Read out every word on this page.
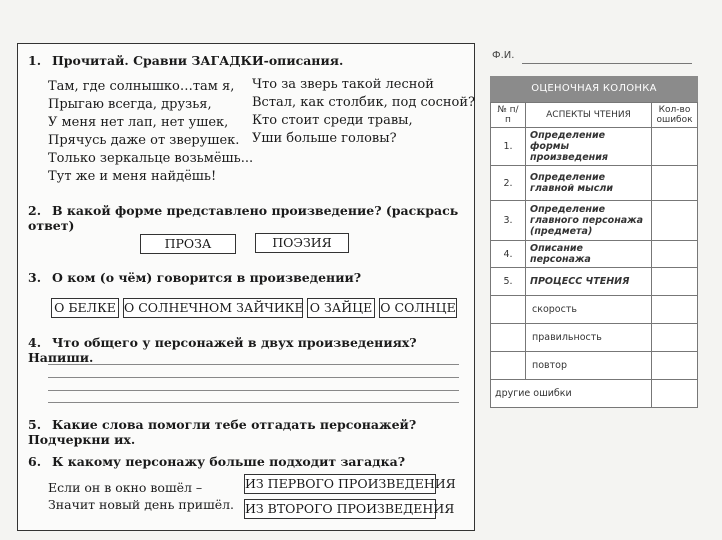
1. Прочитай. Сравни ЗАГАДКИ-описания.
Там, где солнышко…там я,
Прыгаю всегда, друзья,
У меня нет лап, нет ушек,
Прячусь даже от зверушек.
Только зеркальце возьмёшь...
Тут же и меня найдёшь!
Что за зверь такой лесной
Встал, как столбик, под сосной?
Кто стоит среди травы,
Уши больше головы?
2. В какой форме представлено произведение? (раскрась ответ)
ПРОЗА	ПОЭЗИЯ
3. О ком (о чём) говорится в произведении?
О БЕЛКЕ О СОЛНЕЧНОМ ЗАЙЧИКЕ О ЗАЙЦЕ О СОЛНЦЕ
4. Что общего у персонажей в двух произведениях? Напиши.
5. Какие слова помогли тебе отгадать персонажей? Подчеркни их.
6. К какому персонажу больше подходит загадка?
Если он в окно вошёл –
Значит новый день пришёл.
ИЗ ПЕРВОГО ПРОИЗВЕДЕНИЯ
ИЗ ВТОРОГО ПРОИЗВЕДЕНИЯ
Ф.И.
ОЦЕНОЧНАЯ КОЛОНКА
№ п/п	АСПЕКТЫ ЧТЕНИЯ	Кол-во ошибок
1.	Определение формы произведения	
2.	Определение главной мысли	
3.	Определение главного персонажа (предмета)	
4.	Описание персонажа	
5.	ПРОЦЕСС ЧТЕНИЯ	
	скорость	
	правильность	
	повтор	
другие ошибки		
